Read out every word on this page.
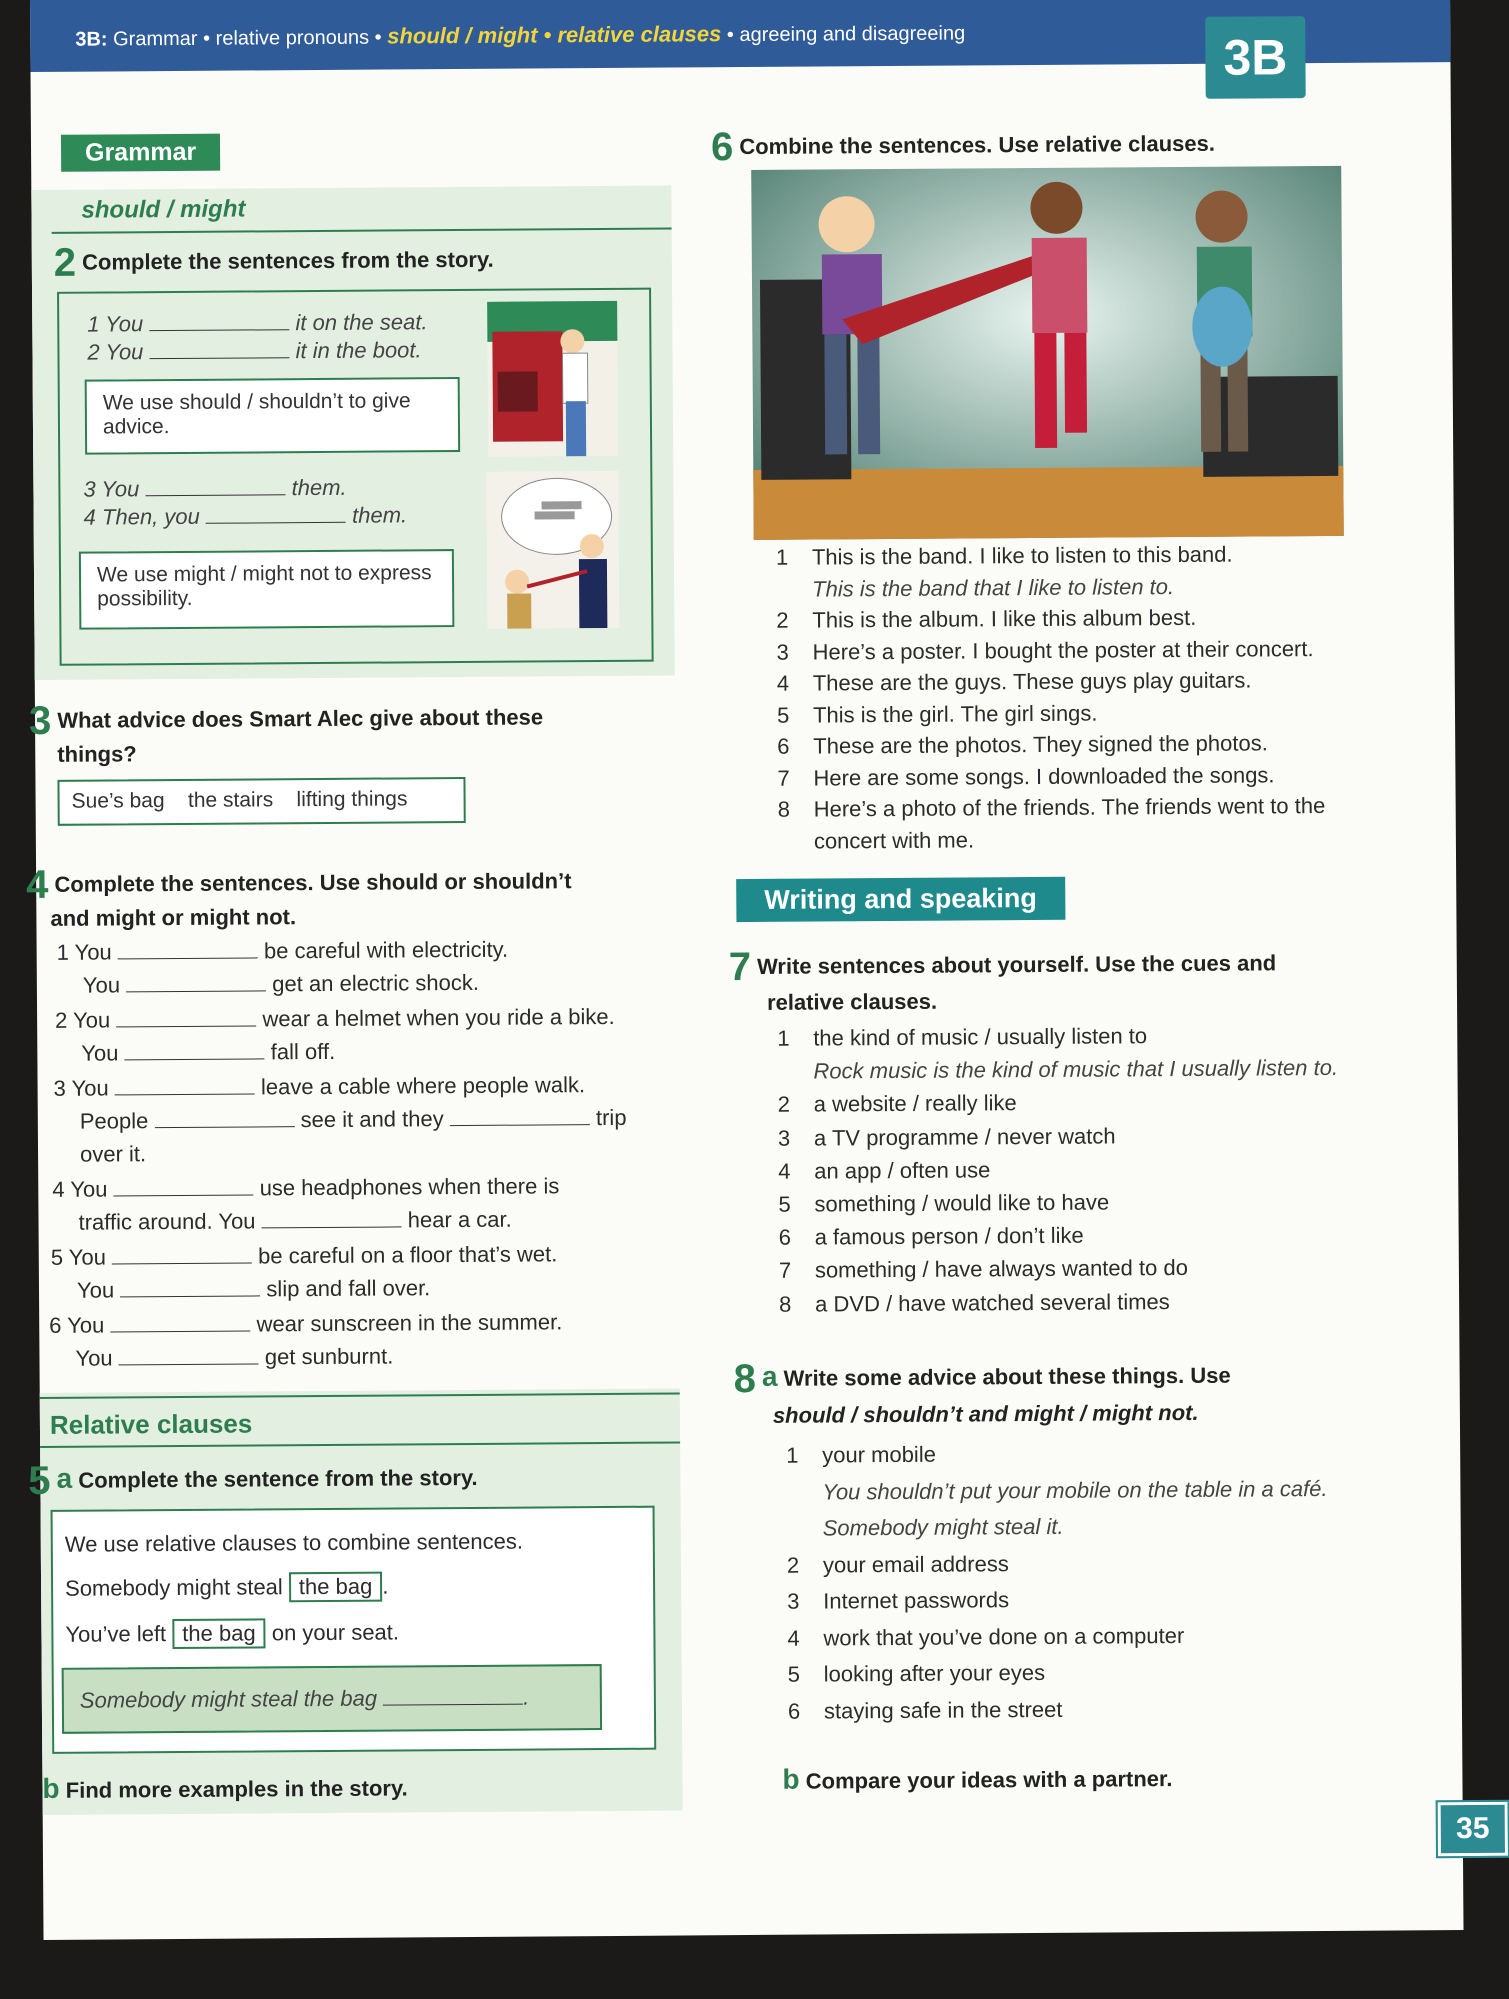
3B: Grammar • relative pronouns • should / might • relative clauses • agreeing and disagreeing	3B
Grammar
should / might
2 Complete the sentences from the story.
1 You	it on the seat.
2 You	it in the boot.
We use should / shouldn’t to give advice.
3 You	them.
4 Then, you	them.
We use might / might not to express possibility.
3 What advice does Smart Alec give about these
things?
Sue’s bag the stairs lifting things
4 Complete the sentences. Use should or shouldn’t
and might or might not.
1 You	be careful with electricity.
You	get an electric shock.
2 You	wear a helmet when you ride a bike.
You	fall off.
3 You	leave a cable where people walk.
People	see it and they	trip
over it.
4 You	use headphones when there is
traffic around. You	hear a car.
5 You	be careful on a floor that’s wet.
You	slip and fall over.
6 You	wear sunscreen in the summer.
You	get sunburnt.
Relative clauses
5 a Complete the sentence from the story.
We use relative clauses to combine sentences.
Somebody might steal the bag .
You’ve left the bag on your seat.
Somebody might steal the bag	.
b Find more examples in the story.
6 Combine the sentences. Use relative clauses.
1 This is the band. I like to listen to this band.
This is the band that I like to listen to.
2 This is the album. I like this album best.
3 Here’s a poster. I bought the poster at their concert.
4 These are the guys. These guys play guitars.
5 This is the girl. The girl sings.
6 These are the photos. They signed the photos.
7 Here are some songs. I downloaded the songs.
8 Here’s a photo of the friends. The friends went to the
concert with me.
Writing and speaking
7 Write sentences about yourself. Use the cues and
relative clauses.
1 the kind of music / usually listen to
Rock music is the kind of music that I usually listen to.
2 a website / really like
3 a TV programme / never watch
4 an app / often use
5 something / would like to have
6 a famous person / don’t like
7 something / have always wanted to do
8 a DVD / have watched several times
8 a Write some advice about these things. Use
should / shouldn’t and might / might not.
1 your mobile
You shouldn’t put your mobile on the table in a café.
Somebody might steal it.
2 your email address
3 Internet passwords
4 work that you’ve done on a computer
5 looking after your eyes
6 staying safe in the street
b Compare your ideas with a partner.
35
